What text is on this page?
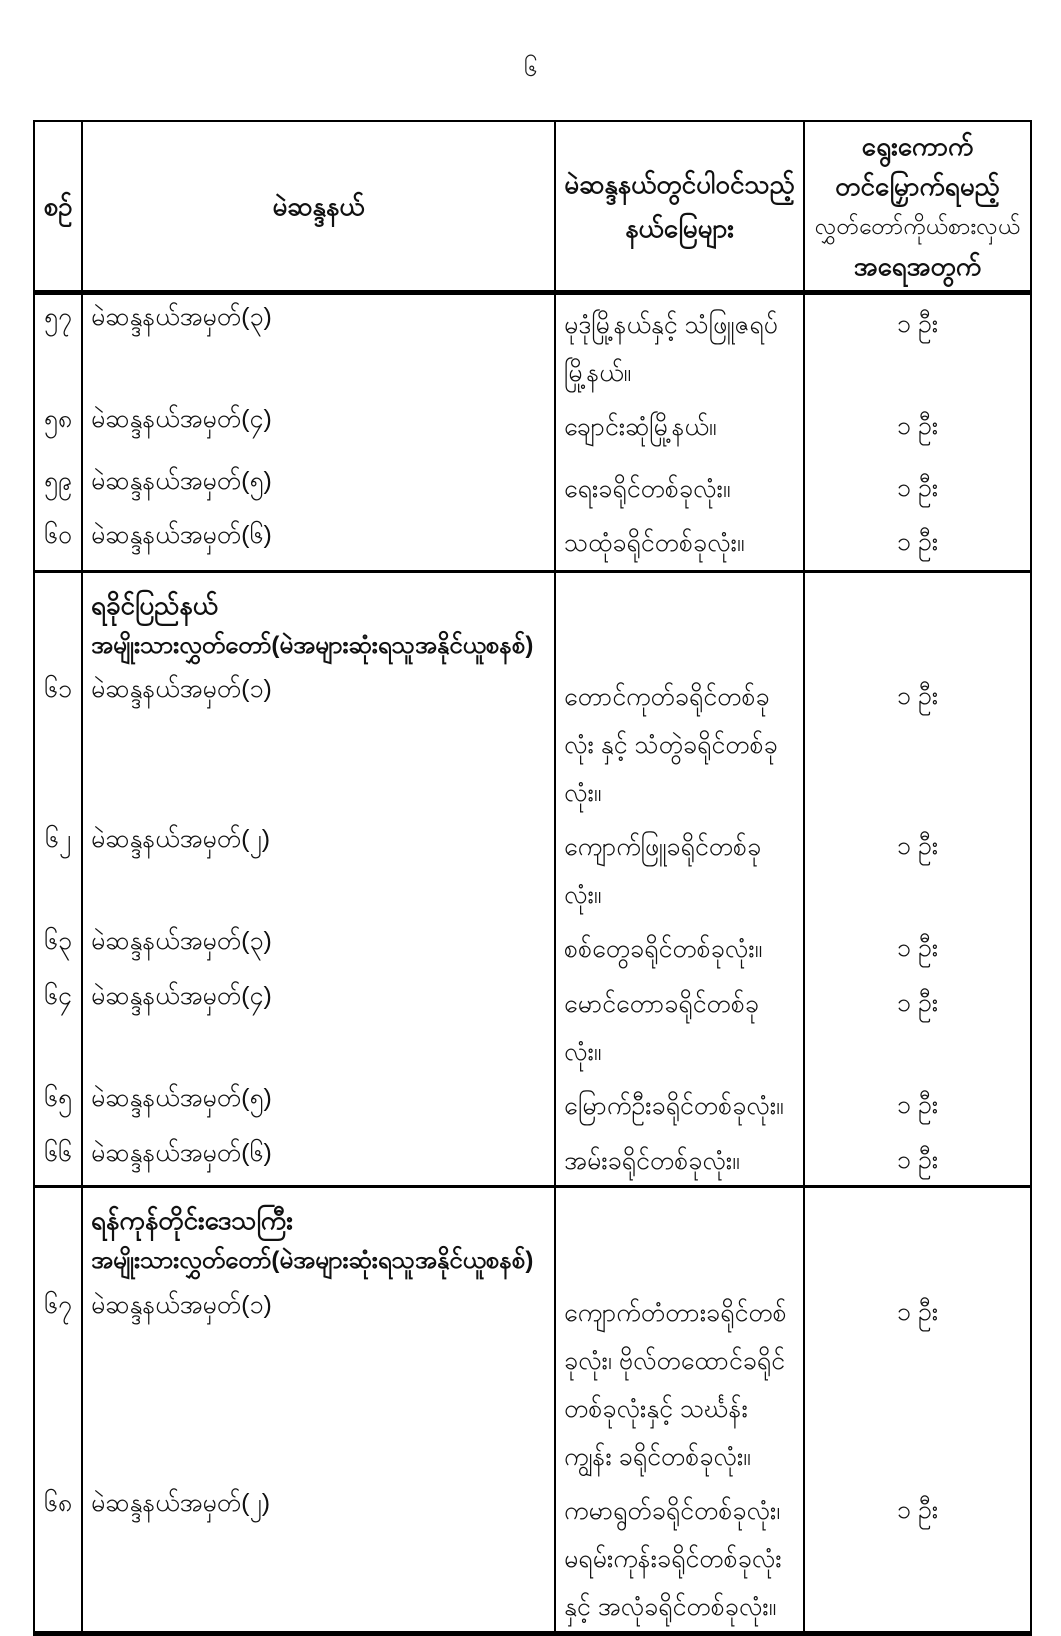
၆
စဉ်	မဲဆန္ဒနယ်	မဲဆန္ဒနယ်တွင်ပါဝင်သည့် နယ်မြေများ	ရွေးကောက်
တင်မြှောက်ရမည့်
လွှတ်တော်ကိုယ်စားလှယ်
အရေအတွက်

၅၇	မဲဆန္ဒနယ်အမှတ်(၃)	မုဒုံမြို့နယ်နှင့် သံဖြူဇရပ် မြို့နယ်။	၁ ဦး
၅၈	မဲဆန္ဒနယ်အမှတ်(၄)	ချောင်းဆုံမြို့နယ်။	၁ ဦး
၅၉	မဲဆန္ဒနယ်အမှတ်(၅)	ရေးခရိုင်တစ်ခုလုံး။	၁ ဦး
၆၀	မဲဆန္ဒနယ်အမှတ်(၆)	သထုံခရိုင်တစ်ခုလုံး။	၁ ဦး

	ရခိုင်ပြည်နယ်
အမျိုးသားလွှတ်တော်(မဲအများဆုံးရသူအနိုင်ယူစနစ်)		

၆၁	မဲဆန္ဒနယ်အမှတ်(၁)	တောင်ကုတ်ခရိုင်တစ်ခုလုံး နှင့် သံတွဲခရိုင်တစ်ခုလုံး။	၁ ဦး
၆၂	မဲဆန္ဒနယ်အမှတ်(၂)	ကျောက်ဖြူခရိုင်တစ်ခုလုံး။	၁ ဦး
၆၃	မဲဆန္ဒနယ်အမှတ်(၃)	စစ်တွေခရိုင်တစ်ခုလုံး။	၁ ဦး
၆၄	မဲဆန္ဒနယ်အမှတ်(၄)	မောင်တောခရိုင်တစ်ခုလုံး။	၁ ဦး
၆၅	မဲဆန္ဒနယ်အမှတ်(၅)	မြောက်ဦးခရိုင်တစ်ခုလုံး။	၁ ဦး
၆၆	မဲဆန္ဒနယ်အမှတ်(၆)	အမ်းခရိုင်တစ်ခုလုံး။	၁ ဦး

	ရန်ကုန်တိုင်းဒေသကြီး
အမျိုးသားလွှတ်တော်(မဲအများဆုံးရသူအနိုင်ယူစနစ်)		

၆၇	မဲဆန္ဒနယ်အမှတ်(၁)	ကျောက်တံတားခရိုင်တစ် ခုလုံး၊ ဗိုလ်တထောင်ခရိုင် တစ်ခုလုံးနှင့် သင်္ဃန်းကျွန်း ခရိုင်တစ်ခုလုံး။	၁ ဦး
၆၈	မဲဆန္ဒနယ်အမှတ်(၂)	ကမာရွတ်ခရိုင်တစ်ခုလုံး၊ မရမ်းကုန်းခရိုင်တစ်ခုလုံး နှင့် အလုံခရိုင်တစ်ခုလုံး။	၁ ဦး
